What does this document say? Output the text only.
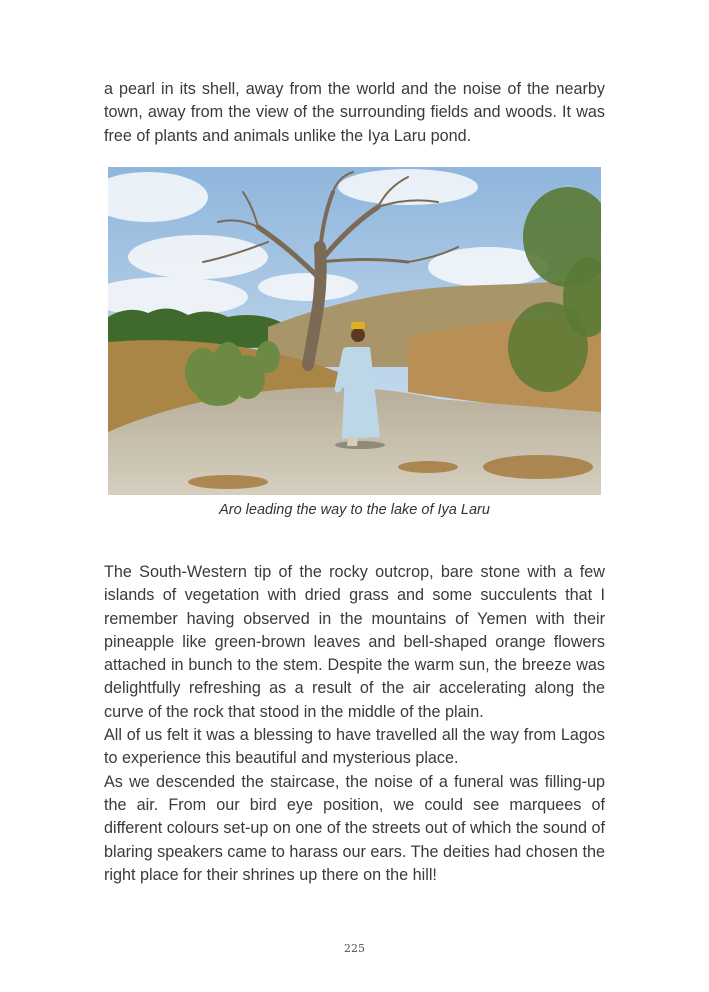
a pearl in its shell, away from the world and the noise of the nearby town, away from the view of the surrounding fields and woods. It was free of plants and animals unlike the Iya Laru pond.

Aro leading the way to the lake of Iya Laru

The South-Western tip of the rocky outcrop, bare stone with a few islands of vegetation with dried grass and some succulents that I remember having observed in the mountains of Yemen with their pineapple like green-brown leaves and bell-shaped orange flowers attached in bunch to the stem. Despite the warm sun, the breeze was delightfully refreshing as a result of the air accelerating along the curve of the rock that stood in the middle of the plain.

All of us felt it was a blessing to have travelled all the way from Lagos to experience this beautiful and mysterious place.

As we descended the staircase, the noise of a funeral was filling-up the air. From our bird eye position, we could see marquees of different colours set-up on one of the streets out of which the sound of blaring speakers came to harass our ears. The deities had chosen the right place for their shrines up there on the hill!

225
